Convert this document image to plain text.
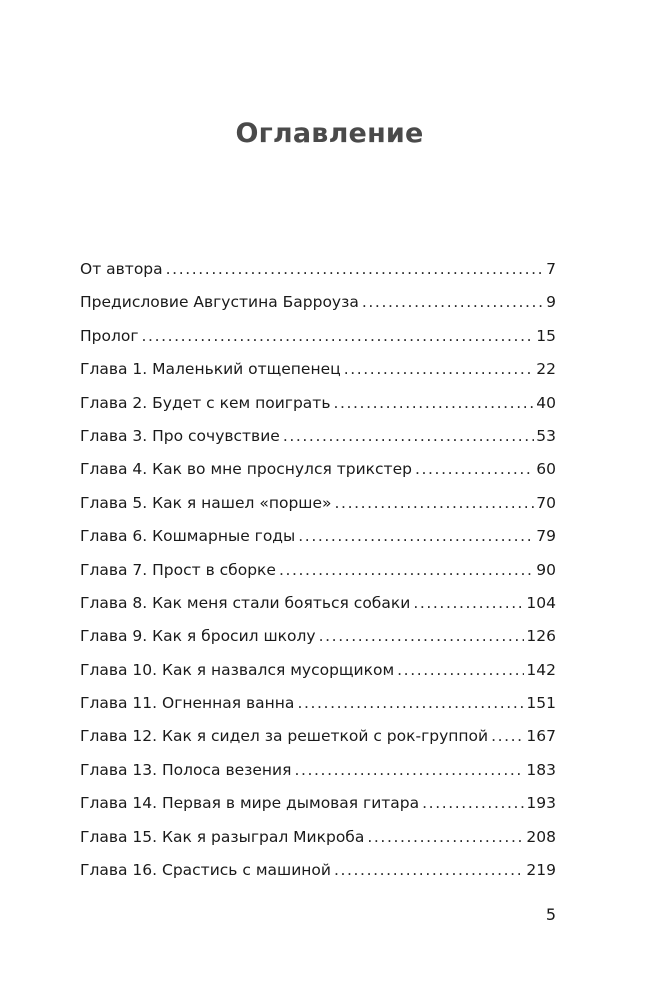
Оглавление
От автора .....	7
Предисловие Августина Барроуза .....	9
Пролог .....	15
Глава 1. Маленький отщепенец .....	22
Глава 2. Будет с кем поиграть .....	40
Глава 3. Про сочувствие .....	53
Глава 4. Как во мне проснулся трикстер .....	60
Глава 5. Как я нашел «порше» .....	70
Глава 6. Кошмарные годы .....	79
Глава 7. Прост в сборке .....	90
Глава 8. Как меня стали бояться собаки .....	104
Глава 9. Как я бросил школу .....	126
Глава 10. Как я назвался мусорщиком .....	142
Глава 11. Огненная ванна .....	151
Глава 12. Как я сидел за решеткой с рок-группой ..... 167
Глава 13. Полоса везения .....	183
Глава 14. Первая в мире дымовая гитара .....	193
Глава 15. Как я разыграл Микроба .....	208
Глава 16. Срастись с машиной .....	219
5
